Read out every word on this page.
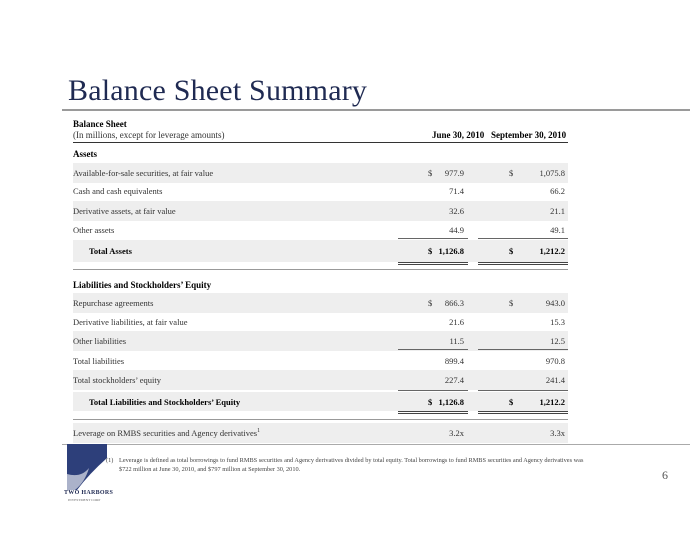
Balance Sheet Summary
Balance Sheet
(In millions, except for leverage amounts)	June 30, 2010 September 30, 2010
Assets
Available-for-sale securities, at fair value	$ 977.9	$	1,075.8
Cash and cash equivalents	71.4	66.2
Derivative assets, at fair value	32.6	21.1
Other assets	44.9	49.1
Total Assets	$ 1,126.8	$	1,212.2
Liabilities and Stockholders’ Equity
Repurchase agreements	$ 866.3	$	943.0
Derivative liabilities, at fair value	21.6	15.3
Other liabilities	11.5	12.5
Total liabilities	899.4	970.8
Total stockholders’ equity	227.4	241.4
Total Liabilities and Stockholders’ Equity	$ 1,126.8	$	1,212.2
Leverage on RMBS securities and Agency derivatives$^1$	3.2x	3.3x
TWO HARBORS
INVESTMENT CORP
(1) Leverage is defined as total borrowings to fund RMBS securities and Agency derivatives divided by total equity. Total borrowings to fund RMBS securities and Agency derivatives was $722 million at June 30, 2010, and $797 million at September 30, 2010.	6
